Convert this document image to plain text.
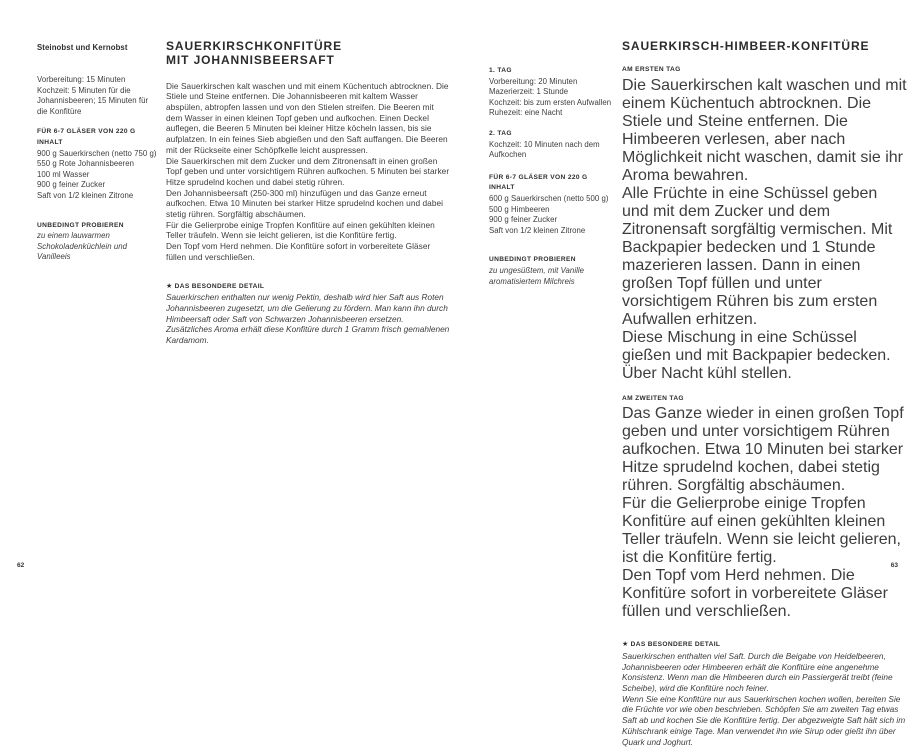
Steinobst und Kernobst
Vorbereitung: 15 Minuten
Kochzeit: 5 Minuten für die Johannisbeeren; 15 Minuten für die Konfitüre
FÜR 6-7 GLÄSER VON 220 G INHALT
900 g Sauerkirschen (netto 750 g)
550 g Rote Johannisbeeren
100 ml Wasser
900 g feiner Zucker
Saft von 1/2 kleinen Zitrone
UNBEDINGT PROBIEREN
zu einem lauwarmen Schokoladenküchlein und Vanilleeis
SAUERKIRSCHKONFITÜRE
MIT JOHANNISBEERSAFT
Die Sauerkirschen kalt waschen und mit einem Küchentuch abtrocknen. Die Stiele und Steine entfernen. Die Johannisbeeren mit kaltem Wasser abspülen, abtropfen lassen und von den Stielen streifen. Die Beeren mit dem Wasser in einen kleinen Topf geben und aufkochen. Einen Deckel auflegen, die Beeren 5 Minuten bei kleiner Hitze köcheln lassen, bis sie aufplatzen. In ein feines Sieb abgießen und den Saft auffangen. Die Beeren mit der Rückseite einer Schöpfkelle leicht auspressen.
Die Sauerkirschen mit dem Zucker und dem Zitronensaft in einen großen Topf geben und unter vorsichtigem Rühren aufkochen. 5 Minuten bei starker Hitze sprudelnd kochen und dabei stetig rühren.
Den Johannisbeersaft (250-300 ml) hinzufügen und das Ganze erneut aufkochen. Etwa 10 Minuten bei starker Hitze sprudelnd kochen und dabei stetig rühren. Sorgfältig abschäumen.
Für die Gelierprobe einige Tropfen Konfitüre auf einen gekühlten kleinen Teller träufeln. Wenn sie leicht gelieren, ist die Konfitüre fertig.
Den Topf vom Herd nehmen. Die Konfitüre sofort in vorbereitete Gläser füllen und verschließen.
★ DAS BESONDERE DETAIL
Sauerkirschen enthalten nur wenig Pektin, deshalb wird hier Saft aus Roten Johannisbeeren zugesetzt, um die Gelierung zu fördern. Man kann ihn durch Himbeersaft oder Saft von Schwarzen Johannisbeeren ersetzen. Zusätzliches Aroma erhält diese Konfitüre durch 1 Gramm frisch gemahlenen Kardamom.
62
1. TAG
Vorbereitung: 20 Minuten
Mazerierzeit: 1 Stunde
Kochzeit: bis zum ersten Aufwallen
Ruhezeit: eine Nacht
2. TAG
Kochzeit: 10 Minuten nach dem Aufkochen
FÜR 6-7 GLÄSER VON 220 G INHALT
600 g Sauerkirschen (netto 500 g)
500 g Himbeeren
900 g feiner Zucker
Saft von 1/2 kleinen Zitrone
UNBEDINGT PROBIEREN
zu ungesüßtem, mit Vanille aromatisiertem Milchreis
SAUERKIRSCH-HIMBEER-KONFITÜRE
AM ERSTEN TAG
Die Sauerkirschen kalt waschen und mit einem Küchentuch abtrocknen. Die Stiele und Steine entfernen. Die Himbeeren verlesen, aber nach Möglichkeit nicht waschen, damit sie ihr Aroma bewahren.
Alle Früchte in eine Schüssel geben und mit dem Zucker und dem Zitronensaft sorgfältig vermischen. Mit Backpapier bedecken und 1 Stunde mazerieren lassen. Dann in einen großen Topf füllen und unter vorsichtigem Rühren bis zum ersten Aufwallen erhitzen.
Diese Mischung in eine Schüssel gießen und mit Backpapier bedecken. Über Nacht kühl stellen.
AM ZWEITEN TAG
Das Ganze wieder in einen großen Topf geben und unter vorsichtigem Rühren aufkochen. Etwa 10 Minuten bei starker Hitze sprudelnd kochen, dabei stetig rühren. Sorgfältig abschäumen.
Für die Gelierprobe einige Tropfen Konfitüre auf einen gekühlten kleinen Teller träufeln. Wenn sie leicht gelieren, ist die Konfitüre fertig.
Den Topf vom Herd nehmen. Die Konfitüre sofort in vorbereitete Gläser füllen und verschließen.
★ DAS BESONDERE DETAIL
Sauerkirschen enthalten viel Saft. Durch die Beigabe von Heidelbeeren, Johannisbeeren oder Himbeeren erhält die Konfitüre eine angenehme Konsistenz. Wenn man die Himbeeren durch ein Passiergerät treibt (feine Scheibe), wird die Konfitüre noch feiner.
Wenn Sie eine Konfitüre nur aus Sauerkirschen kochen wollen, bereiten Sie die Früchte vor wie oben beschrieben. Schöpfen Sie am zweiten Tag etwas Saft ab und kochen Sie die Konfitüre fertig. Der abgezweigte Saft hält sich im Kühlschrank einige Tage. Man verwendet ihn wie Sirup oder gießt ihn über Quark und Joghurt.
63
